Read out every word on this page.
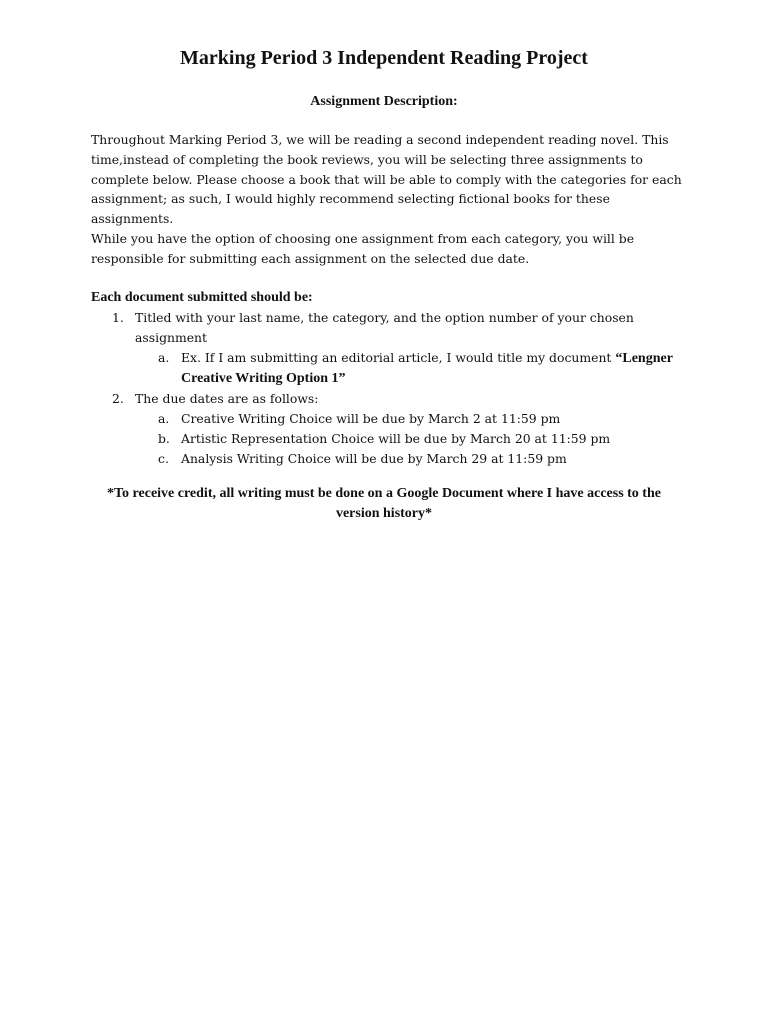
Marking Period 3 Independent Reading Project
Assignment Description:

Throughout Marking Period 3, we will be reading a second independent reading novel. This time,instead of completing the book reviews, you will be selecting three assignments to complete below. Please choose a book that will be able to comply with the categories for each assignment; as such, I would highly recommend selecting fictional books for these assignments.

While you have the option of choosing one assignment from each category, you will be responsible for submitting each assignment on the selected due date.

Each document submitted should be:

1. Titled with your last name, the category, and the option number of your chosen assignment
a. Ex. If I am submitting an editorial article, I would title my document “Lengner Creative Writing Option 1”
2. The due dates are as follows:
a. Creative Writing Choice will be due by March 2 at 11:59 pm
b. Artistic Representation Choice will be due by March 20 at 11:59 pm
c. Analysis Writing Choice will be due by March 29 at 11:59 pm

*To receive credit, all writing must be done on a Google Document where I have access to the version history*
